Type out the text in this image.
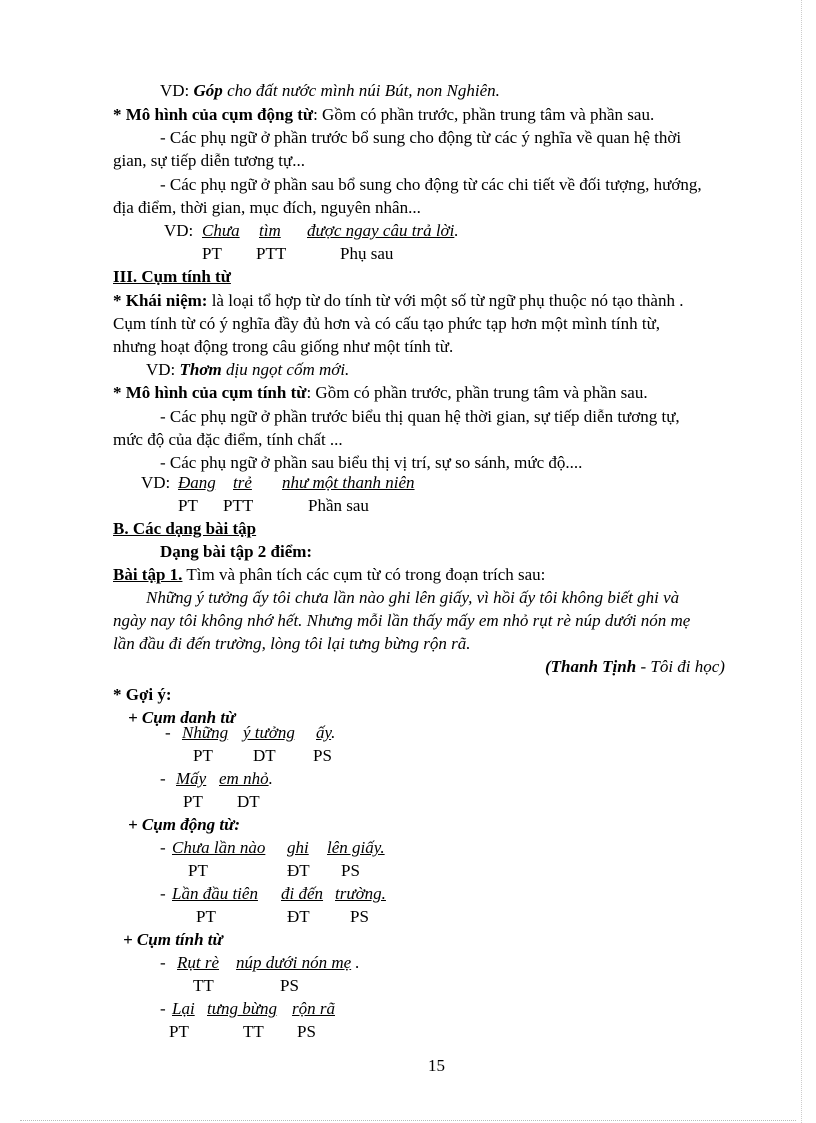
VD: Góp cho đất nước mình núi Bút, non Nghiên.
* Mô hình của cụm động từ: Gồm có phần trước, phần trung tâm và phần sau.
- Các phụ ngữ ở phần trước bổ sung cho động từ các ý nghĩa về quan hệ thời
gian, sự tiếp diễn tương tự...
- Các phụ ngữ ở phần sau bổ sung cho động từ các chi tiết về đối tượng, hướng,
địa điểm, thời gian, mục đích, nguyên nhân...
VD: Chưa tìm được ngay câu trả lời.
PT PTT	Phụ sau
III. Cụm tính từ
* Khái niệm: là loại tổ hợp từ do tính từ với một số từ ngữ phụ thuộc nó tạo thành .
Cụm tính từ có ý nghĩa đầy đủ hơn và có cấu tạo phức tạp hơn một mình tính từ,
nhưng hoạt động trong câu giống như một tính từ.
VD: Thơm dịu ngọt cốm mới.
* Mô hình của cụm tính từ: Gồm có phần trước, phần trung tâm và phần sau.
- Các phụ ngữ ở phần trước biểu thị quan hệ thời gian, sự tiếp diễn tương tự,
mức độ của đặc điểm, tính chất ...
- Các phụ ngữ ở phần sau biểu thị vị trí, sự so sánh, mức độ....
VD: Đang trẻ như một thanh niên
PT PTT	Phần sau
B. Các dạng bài tập
Dạng bài tập 2 điểm:
Bài tập 1. Tìm và phân tích các cụm từ có trong đoạn trích sau:
Những ý tưởng ấy tôi chưa lần nào ghi lên giấy, vì hồi ấy tôi không biết ghi và
ngày nay tôi không nhớ hết. Nhưng mỗi lần thấy mấy em nhỏ rụt rè núp dưới nón mẹ
lần đầu đi đến trường, lòng tôi lại tưng bừng rộn rã.
(Thanh Tịnh - Tôi đi học)
* Gợi ý:
+ Cụm danh từ
- Những ý tưởng ấy.
PT DT PS
- Mấy em nhỏ.
PT DT
+ Cụm động từ:
- Chưa lần nào ghi lên giấy.
PT	ĐT PS
- Lần đầu tiên đi đến trường.
PT	ĐT PS
+ Cụm tính từ
- Rụt rè núp dưới nón mẹ .
TT	PS
- Lại tưng bừng rộn rã
PT	TT PS
15
